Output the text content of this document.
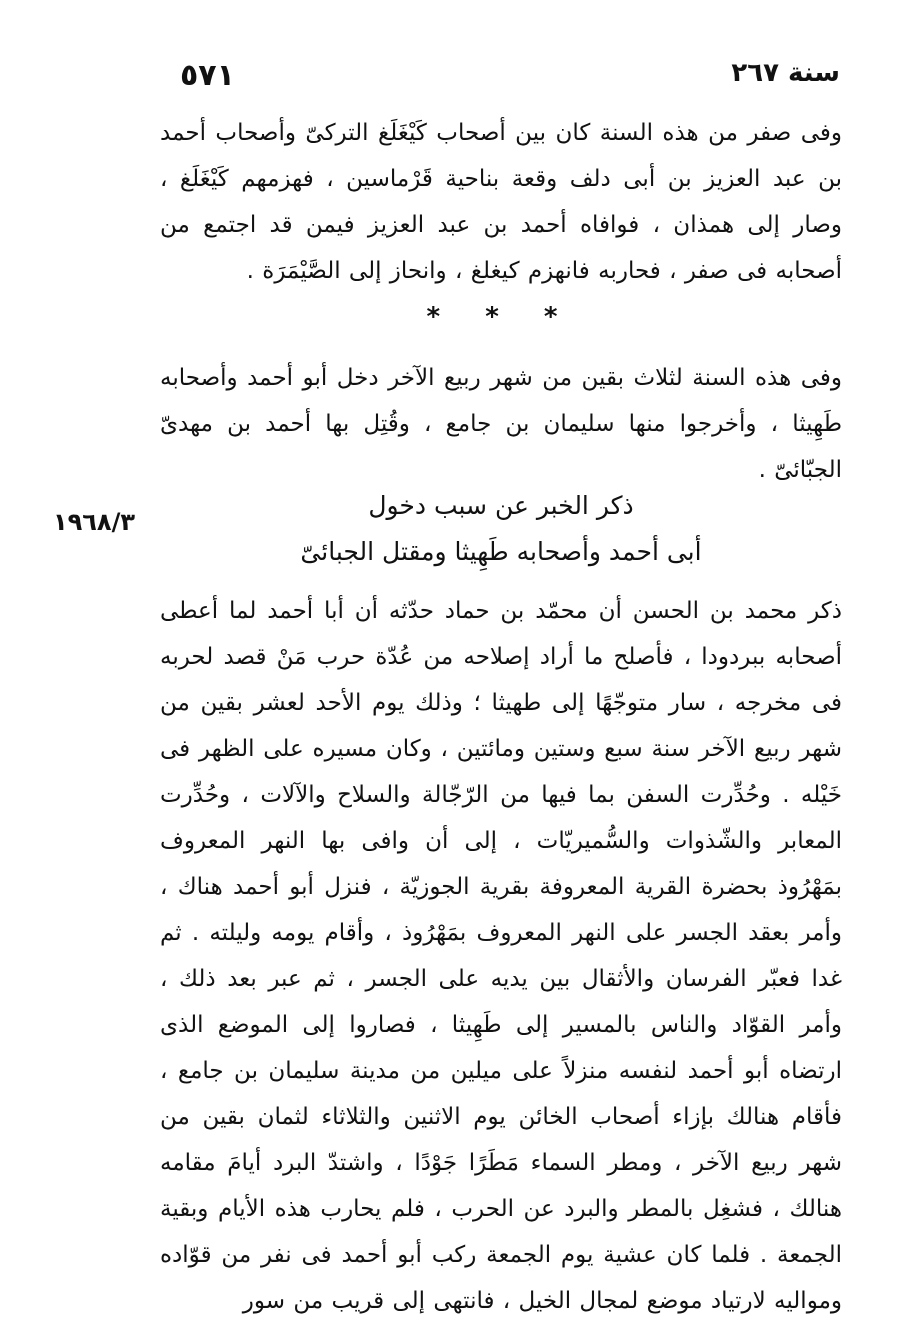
سنة ٢٦٧
٥٧١

وفى صفر من هذه السنة كان بين أصحاب كَيْغَلَغ التركىّ وأصحاب أحمد بن عبد العزيز بن أبى دلف وقعة بناحية قَرْماسين ، فهزمهم كَيْغَلَغ ، وصار إلى همذان ، فوافاه أحمد بن عبد العزيز فيمن قد اجتمع من أصحابه فى صفر ، فحاربه فانهزم كيغلغ ، وانحاز إلى الصَّيْمَرَة .

* * *

وفى هذه السنة لثلاث بقين من شهر ربيع الآخر دخل أبو أحمد وأصحابه طَهِيثا ، وأخرجوا منها سليمان بن جامع ، وقُتِل بها أحمد بن مهدىّ الجبّائىّ .

ذكر الخبر عن سبب دخول
أبى أحمد وأصحابه طَهِيثا ومقتل الجبائىّ
١٩٦٨/٣

ذكر محمد بن الحسن أن محمّد بن حماد حدّثه أن أبا أحمد لما أعطى أصحابه ببردودا ، فأصلح ما أراد إصلاحه من عُدّة حرب مَنْ قصد لحربه فى مخرجه ، سار متوجّهًا إلى طهيثا ؛ وذلك يوم الأحد لعشر بقين من شهر ربيع الآخر سنة سبع وستين ومائتين ، وكان مسيره على الظهر فى خَيْله . وحُدِّرت السفن بما فيها من الرّجّالة والسلاح والآلات ، وحُدِّرت المعابر والشّذوات والسُّميريّات ، إلى أن وافى بها النهر المعروف بمَهْرُوذ بحضرة القرية المعروفة بقرية الجوزيّة ، فنزل أبو أحمد هناك ، وأمر بعقد الجسر على النهر المعروف بمَهْرُوذ ، وأقام يومه وليلته . ثم غدا فعبّر الفرسان والأثقال بين يديه على الجسر ، ثم عبر بعد ذلك ، وأمر القوّاد والناس بالمسير إلى طَهِيثا ، فصاروا إلى الموضع الذى ارتضاه أبو أحمد لنفسه منزلاً على ميلين من مدينة سليمان بن جامع ، فأقام هنالك بإزاء أصحاب الخائن يوم الاثنين والثلاثاء لثمان بقين من شهر ربيع الآخر ، ومطر السماء مَطَرًا جَوْدًا ، واشتدّ البرد أيامَ مقامه هنالك ، فشغِل بالمطر والبرد عن الحرب ، فلم يحارب هذه الأيام وبقية الجمعة . فلما كان عشية يوم الجمعة ركب أبو أحمد فى نفر من قوّاده ومواليه لارتياد موضع لمجال الخيل ، فانتهى إلى قريب من سور
